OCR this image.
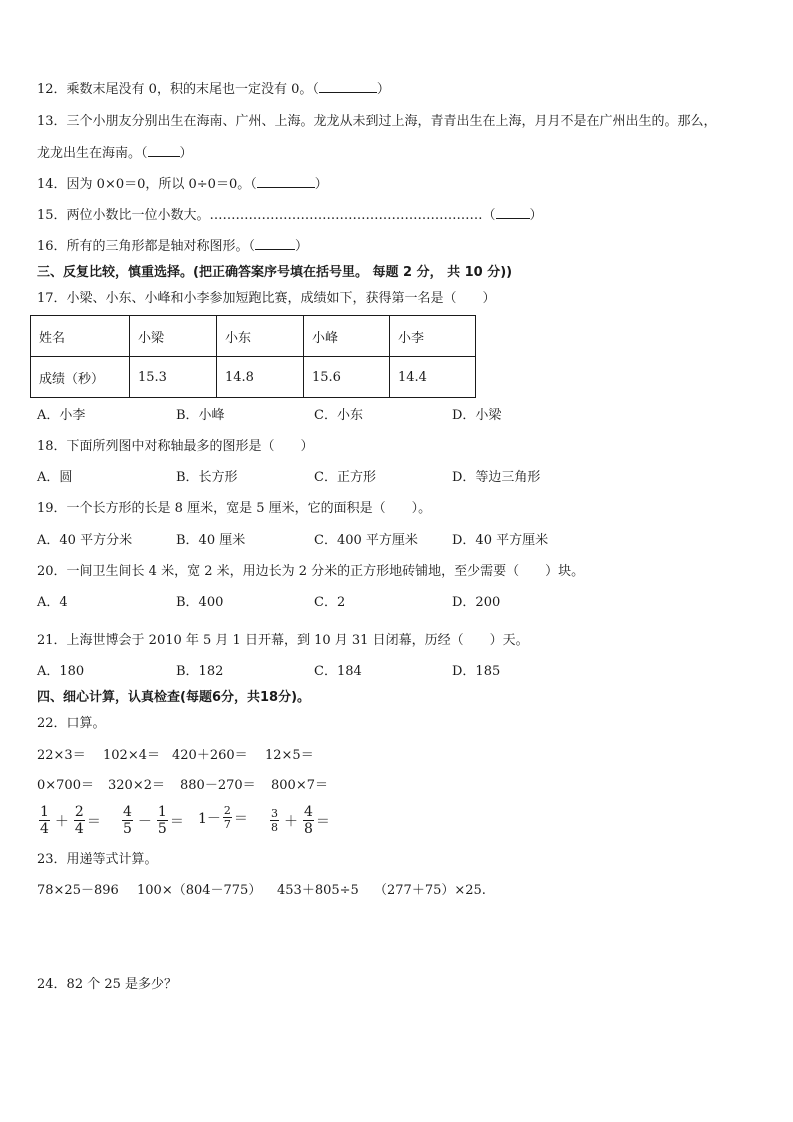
12．乘数末尾没有 0，积的末尾也一定没有 0。（	）
13．三个小朋友分别出生在海南、广州、上海。龙龙从未到过上海，青青出生在上海，月月不是在广州出生的。那么，
龙龙出生在海南。（ ）
14．因为 0×0＝0，所以 0÷0＝0。（	）
15．两位小数比一位小数大。………………………………………………………（	）
16．所有的三角形都是轴对称图形。（	）
三、反复比较，慎重选择。(把正确答案序号填在括号里。 每题 2 分， 共 10 分))
17．小梁、小东、小峰和小李参加短跑比赛，成绩如下，获得第一名是（　　）
姓名	小梁	小东	小峰	小李
成绩（秒）	15.3	14.8	15.6	14.4
A．小李	B．小峰	C．小东	D．小梁
18．下面所列图中对称轴最多的图形是（　　）
A．圆	B．长方形	C．正方形	D．等边三角形
19．一个长方形的长是 8 厘米，宽是 5 厘米，它的面积是（　　）。
A．40 平方分米	B．40 厘米	C．400 平方厘米	D．40 平方厘米
20．一间卫生间长 4 米，宽 2 米，用边长为 2 分米的正方形地砖铺地，至少需要（　　）块。
A．4	B．400	C．2	D．200
21．上海世博会于 2010 年 5 月 1 日开幕，到 10 月 31 日闭幕，历经（　　）天。
A．180	B．182	C．184	D．185
四、细心计算，认真检查(每题6分，共18分)。
22．口算。
22×3＝ 102×4＝ 420＋260＝ 12×5＝
0×700＝ 320×2＝ 880－270＝ 800×7＝
1
4 ＋
2
4 ＝
4
5 －
1
5 ＝ 1－ 2
7 ＝ 3
8 ＋
4
8 ＝
23．用递等式计算。
78×25－896 100×（804－775） 453＋805÷5 （277＋75）×25.
24．82 个 25 是多少？
